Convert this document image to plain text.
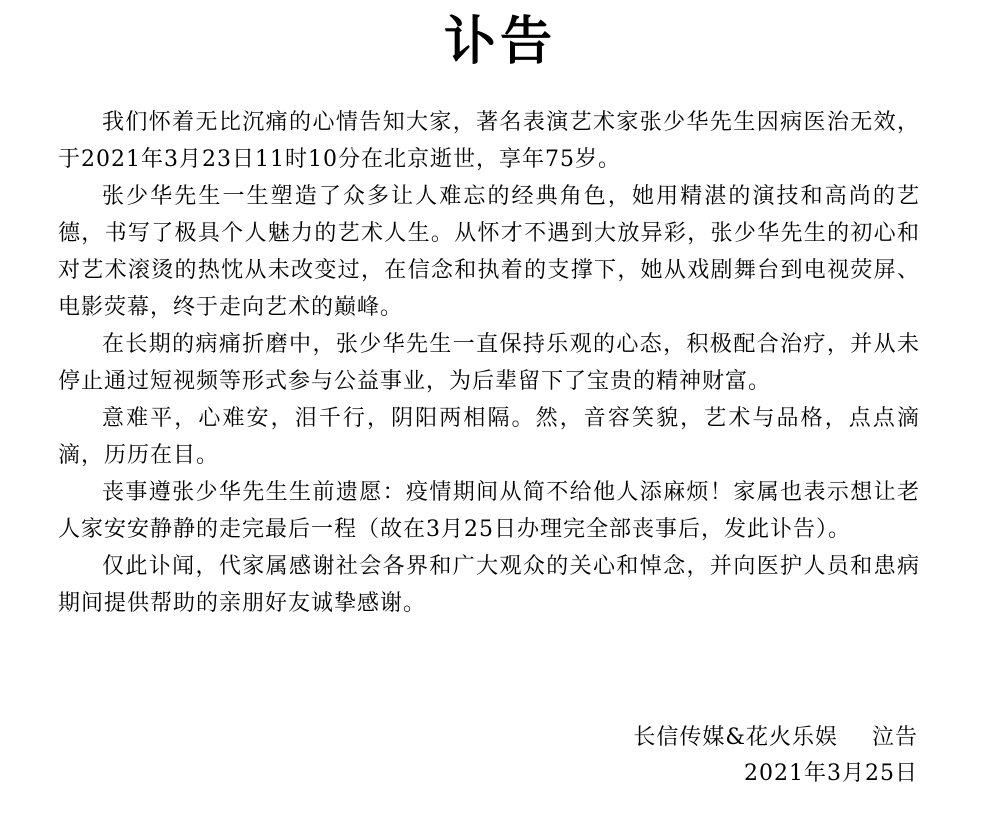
讣告

我们怀着无比沉痛的心情告知大家，著名表演艺术家张少华先生因病医治无效，于2021年3月23日11时10分在北京逝世，享年75岁。

张少华先生一生塑造了众多让人难忘的经典角色，她用精湛的演技和高尚的艺德，书写了极具个人魅力的艺术人生。从怀才不遇到大放异彩，张少华先生的初心和对艺术滚烫的热忱从未改变过，在信念和执着的支撑下，她从戏剧舞台到电视荧屏、电影荧幕，终于走向艺术的巅峰。

在长期的病痛折磨中，张少华先生一直保持乐观的心态，积极配合治疗，并从未停止通过短视频等形式参与公益事业，为后辈留下了宝贵的精神财富。

意难平，心难安，泪千行，阴阳两相隔。然，音容笑貌，艺术与品格，点点滴滴，历历在目。

丧事遵张少华先生生前遗愿：疫情期间从简不给他人添麻烦！家属也表示想让老人家安安静静的走完最后一程（故在3月25日办理完全部丧事后，发此讣告）。

仅此讣闻，代家属感谢社会各界和广大观众的关心和悼念，并向医护人员和患病期间提供帮助的亲朋好友诚挚感谢。

长信传媒&花火乐娱 泣告
2021年3月25日
